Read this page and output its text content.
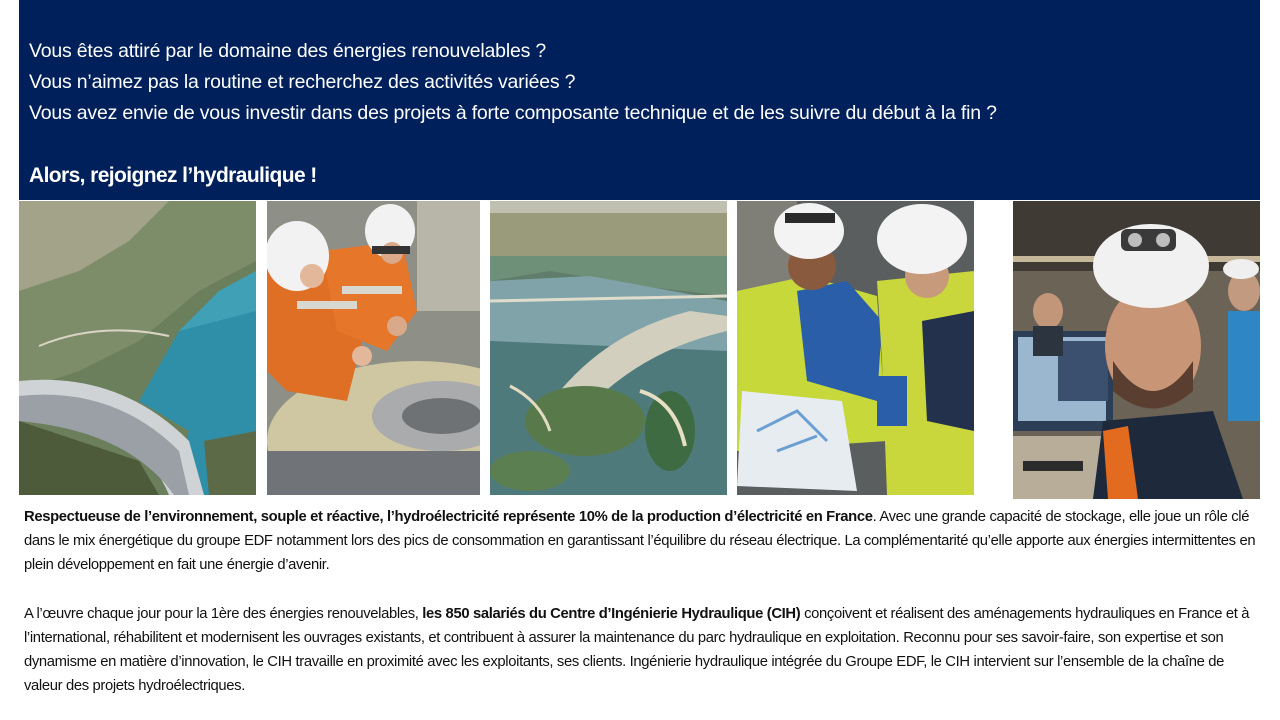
Vous êtes attiré par le domaine des énergies renouvelables ?
Vous n’aimez pas la routine et recherchez des activités variées ?
Vous avez envie de vous investir dans des projets à forte composante technique et de les suivre du début à la fin ?
Alors, rejoignez l’hydraulique !

Respectueuse de l’environnement, souple et réactive, l’hydroélectricité représente 10% de la production d’électricité en France. Avec une grande capacité de stockage, elle joue un rôle clé dans le mix énergétique du groupe EDF notamment lors des pics de consommation en garantissant l’équilibre du réseau électrique. La complémentarité qu’elle apporte aux énergies intermittentes en plein développement en fait une énergie d’avenir.

A l’œuvre chaque jour pour la 1ère des énergies renouvelables, les 850 salariés du Centre d’Ingénierie Hydraulique (CIH) conçoivent et réalisent des aménagements hydrauliques en France et à l’international, réhabilitent et modernisent les ouvrages existants, et contribuent à assurer la maintenance du parc hydraulique en exploitation. Reconnu pour ses savoir-faire, son expertise et son dynamisme en matière d’innovation, le CIH travaille en proximité avec les exploitants, ses clients. Ingénierie hydraulique intégrée du Groupe EDF, le CIH intervient sur l’ensemble de la chaîne de valeur des projets hydroélectriques.
